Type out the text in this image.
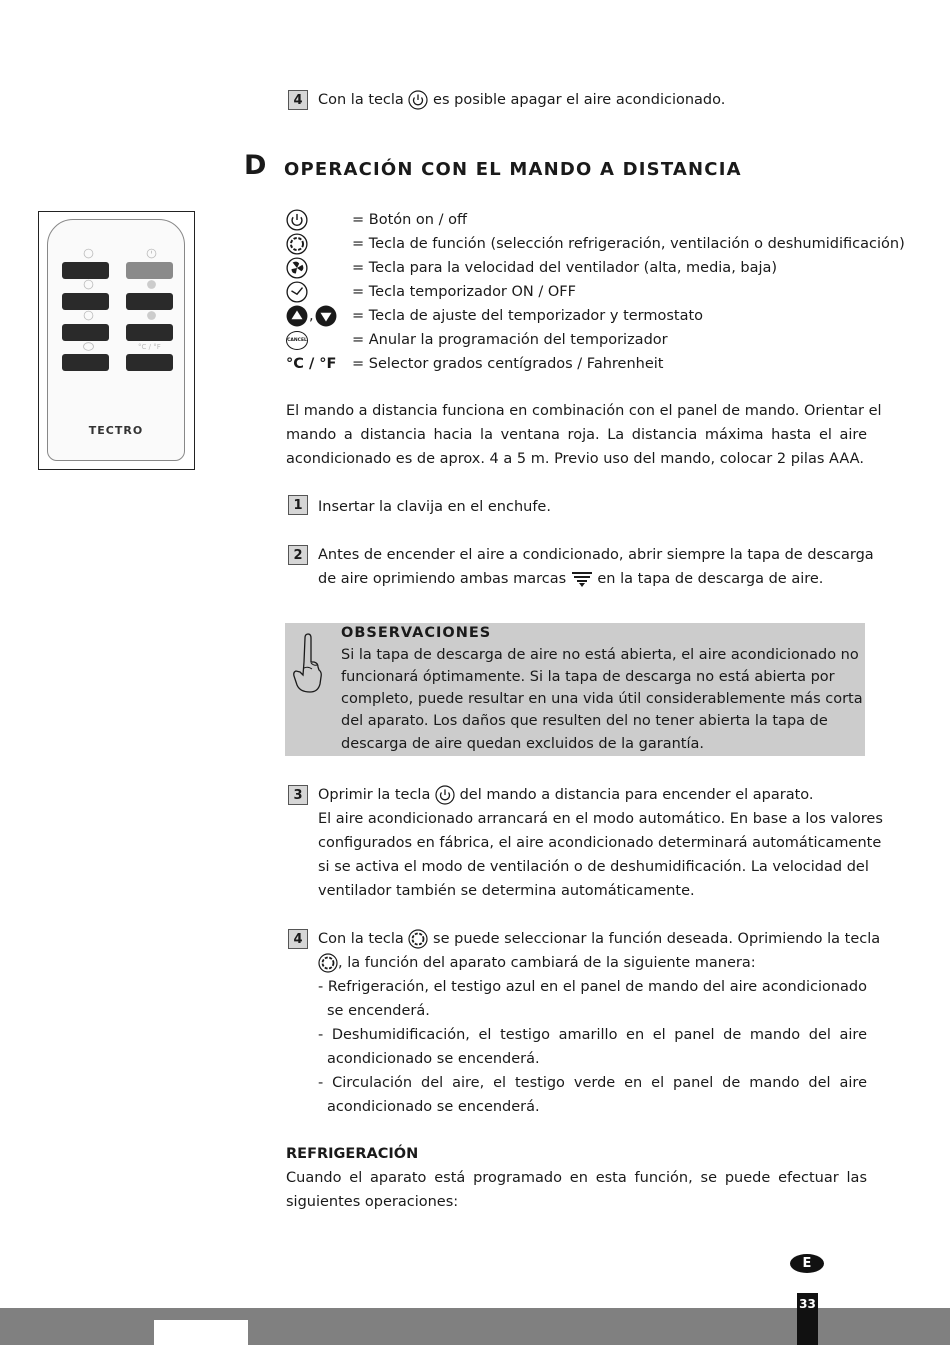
4 Con la tecla es posible apagar el aire acondicionado.
D OPERACIÓN CON EL MANDO A DISTANCIA
°C / °F
TECTRO
= Botón on / off
= Tecla de función (selección refrigeración, ventilación o deshumidificación)
= Tecla para la velocidad del ventilador (alta, media, baja)
= Tecla temporizador ON / OFF
,	= Tecla de ajuste del temporizador y termostato
CANCEL	= Anular la programación del temporizador
°C / °F	= Selector grados centígrados / Fahrenheit
El mando a distancia funciona en combinación con el panel de mando. Orientar el
mando a distancia hacia la ventana roja. La distancia máxima hasta el aire
acondicionado es de aprox. 4 a 5 m. Previo uso del mando, colocar 2 pilas AAA.
1 Insertar la clavija en el enchufe.
2 Antes de encender el aire a condicionado, abrir siempre la tapa de descarga
de aire oprimiendo ambas marcas en la tapa de descarga de aire.
OBSERVACIONES
Si la tapa de descarga de aire no está abierta, el aire acondicionado no
funcionará óptimamente. Si la tapa de descarga no está abierta por
completo, puede resultar en una vida útil considerablemente más corta
del aparato. Los daños que resulten del no tener abierta la tapa de
descarga de aire quedan excluidos de la garantía.
3 Oprimir la tecla del mando a distancia para encender el aparato.
El aire acondicionado arrancará en el modo automático. En base a los valores
configurados en fábrica, el aire acondicionado determinará automáticamente
si se activa el modo de ventilación o de deshumidificación. La velocidad del
ventilador también se determina automáticamente.
4 Con la tecla se puede seleccionar la función deseada. Oprimiendo la tecla
, la función del aparato cambiará de la siguiente manera:
- Refrigeración, el testigo azul en el panel de mando del aire acondicionado
se encenderá.
- Deshumidificación, el testigo amarillo en el panel de mando del aire
acondicionado se encenderá.
- Circulación del aire, el testigo verde en el panel de mando del aire
acondicionado se encenderá.
REFRIGERACIÓN
Cuando el aparato está programado en esta función, se puede efectuar las
siguientes operaciones:
E
33
